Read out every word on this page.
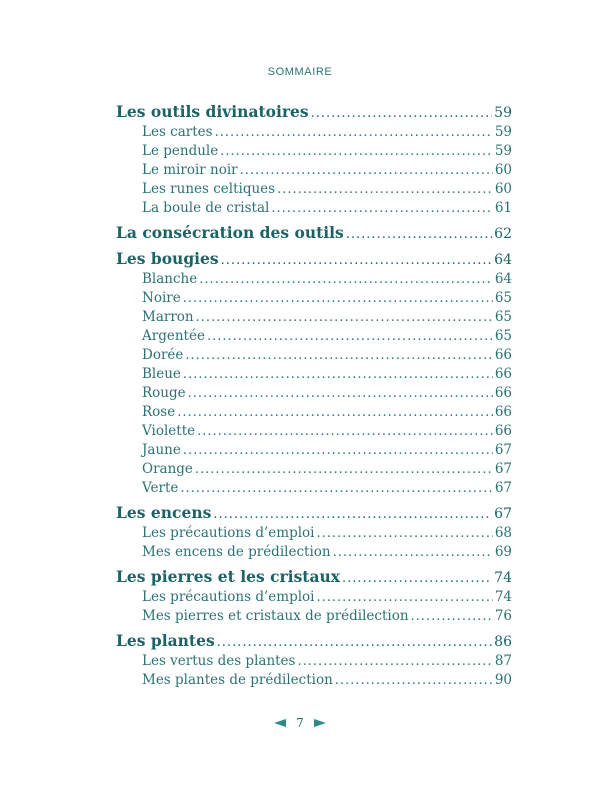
SOMMAIRE
Les outils divinatoires .....	59
Les cartes .....	59
Le pendule .....	59
Le miroir noir .....	60
Les runes celtiques .....	60
La boule de cristal .....	61
La consécration des outils .....	62
Les bougies .....	64
Blanche .....	64
Noire .....	65
Marron .....	65
Argentée .....	65
Dorée .....	66
Bleue .....	66
Rouge .....	66
Rose .....	66
Violette .....	66
Jaune .....	67
Orange .....	67
Verte .....	67
Les encens .....	67
Les précautions d’emploi .....	68
Mes encens de prédilection .....	69
Les pierres et les cristaux .....	74
Les précautions d’emploi .....	74
Mes pierres et cristaux de prédilection .....	76
Les plantes .....	86
Les vertus des plantes .....	87
Mes plantes de prédilection .....	90
7
